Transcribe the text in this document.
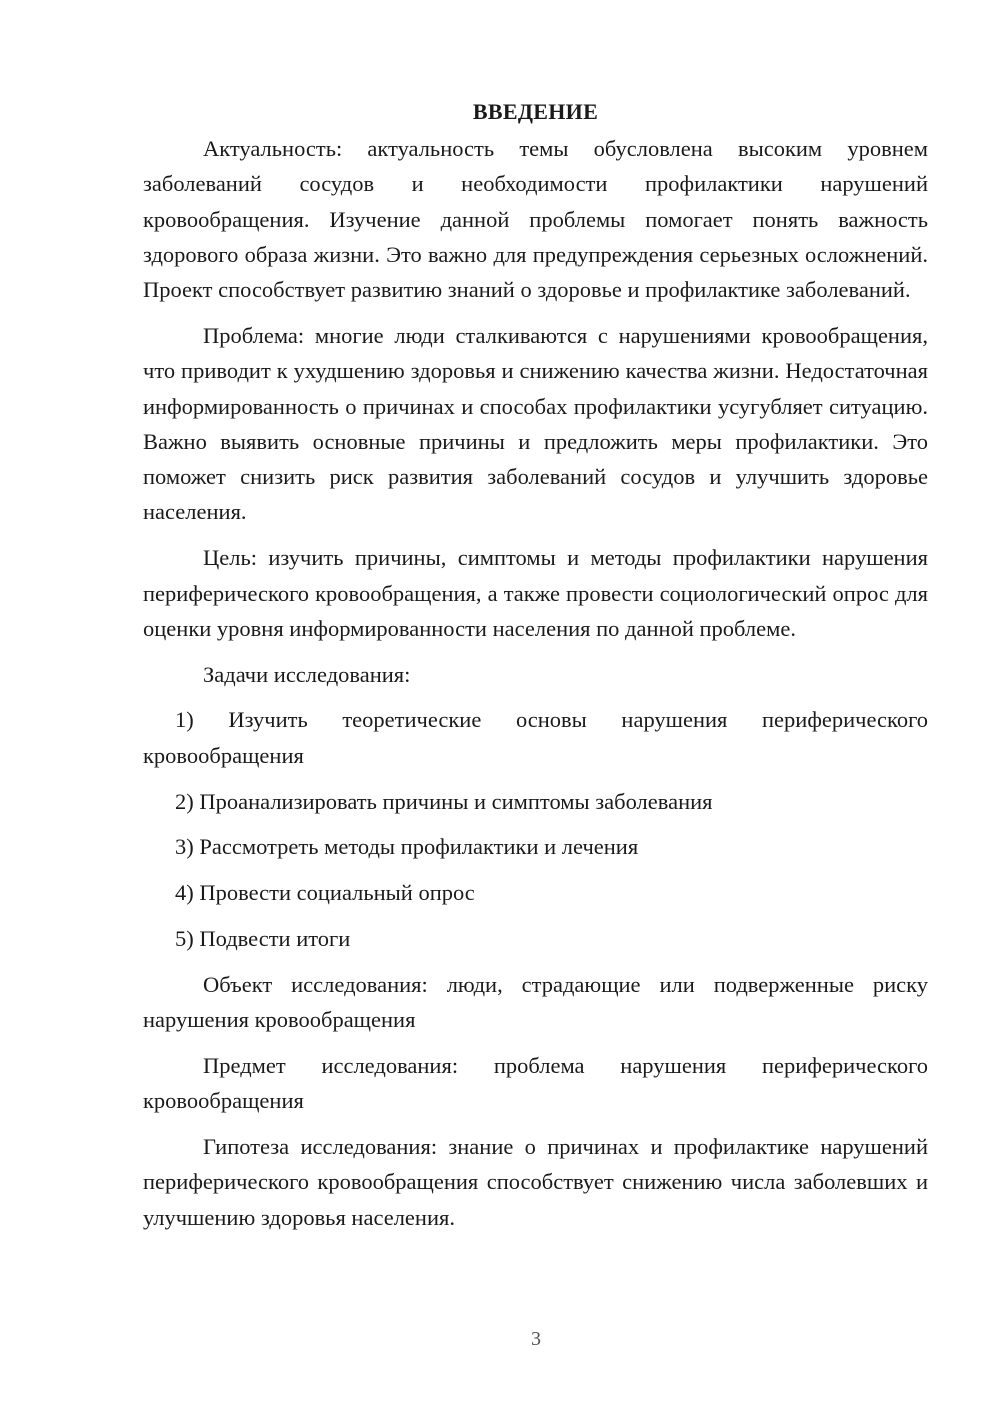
ВВЕДЕНИЕ

Актуальность: актуальность темы обусловлена высоким уровнем заболеваний сосудов и необходимости профилактики нарушений кровообращения. Изучение данной проблемы помогает понять важность здорового образа жизни. Это важно для предупреждения серьезных осложнений. Проект способствует развитию знаний о здоровье и профилактике заболеваний.

Проблема: многие люди сталкиваются с нарушениями кровообращения, что приводит к ухудшению здоровья и снижению качества жизни. Недостаточная информированность о причинах и способах профилактики усугубляет ситуацию. Важно выявить основные причины и предложить меры профилактики. Это поможет снизить риск развития заболеваний сосудов и улучшить здоровье населения.

Цель: изучить причины, симптомы и методы профилактики нарушения периферического кровообращения, а также провести социологический опрос для оценки уровня информированности населения по данной проблеме.

Задачи исследования:

1) Изучить теоретические основы нарушения периферического кровообращения

2) Проанализировать причины и симптомы заболевания

3) Рассмотреть методы профилактики и лечения

4) Провести социальный опрос

5) Подвести итоги

Объект исследования: люди, страдающие или подверженные риску нарушения кровообращения

Предмет исследования: проблема нарушения периферического кровообращения

Гипотеза исследования: знание о причинах и профилактике нарушений периферического кровообращения способствует снижению числа заболевших и улучшению здоровья населения.

3
